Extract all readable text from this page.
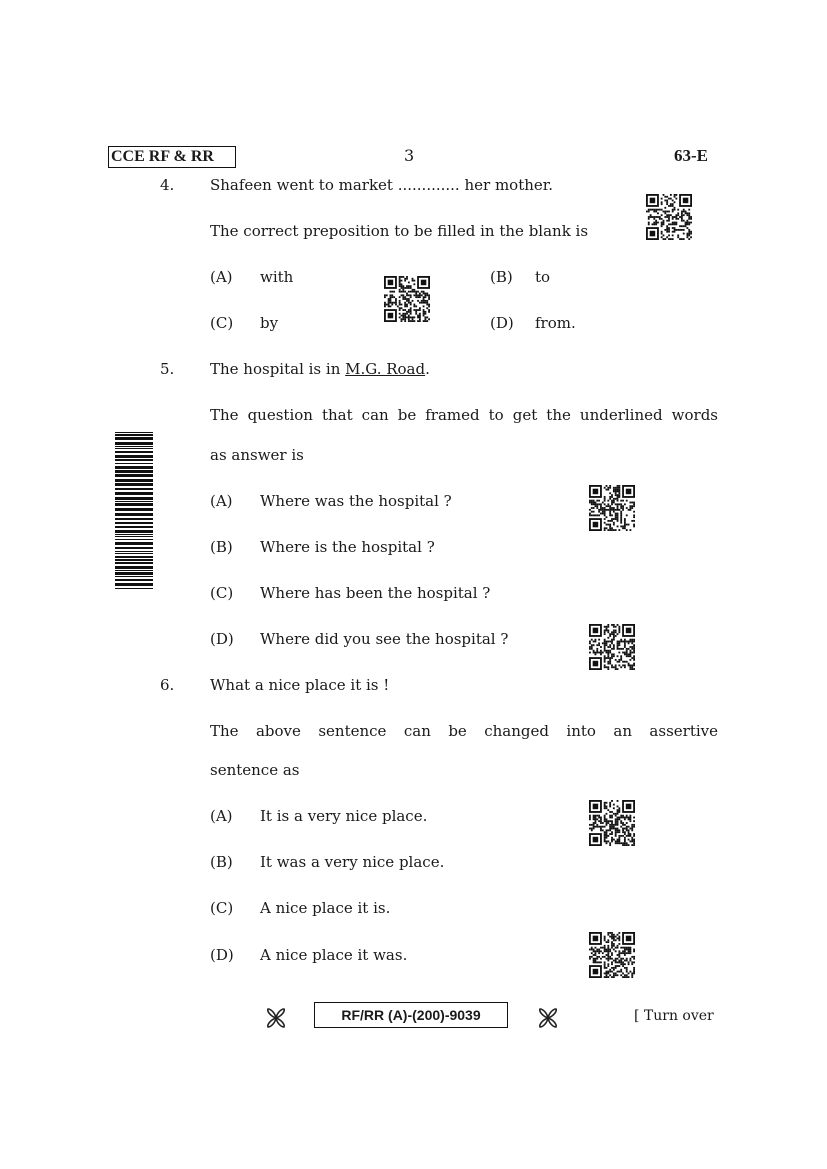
CCE RF & RR	3	63-E
4. Shafeen went to market ............. her mother.
The correct preposition to be filled in the blank is
(A) with	(B) to
(C) by	(D) from.
5. The hospital is in M.G. Road.
The question that can be framed to get the underlined words
as answer is
(A) Where was the hospital ?
(B) Where is the hospital ?
(C) Where has been the hospital ?
(D) Where did you see the hospital ?
6. What a nice place it is !
The above sentence can be changed into an assertive
sentence as
(A) It is a very nice place.
(B) It was a very nice place.
(C) A nice place it is.
(D) A nice place it was.
RF/RR (A)-(200)-9039	[ Turn over
